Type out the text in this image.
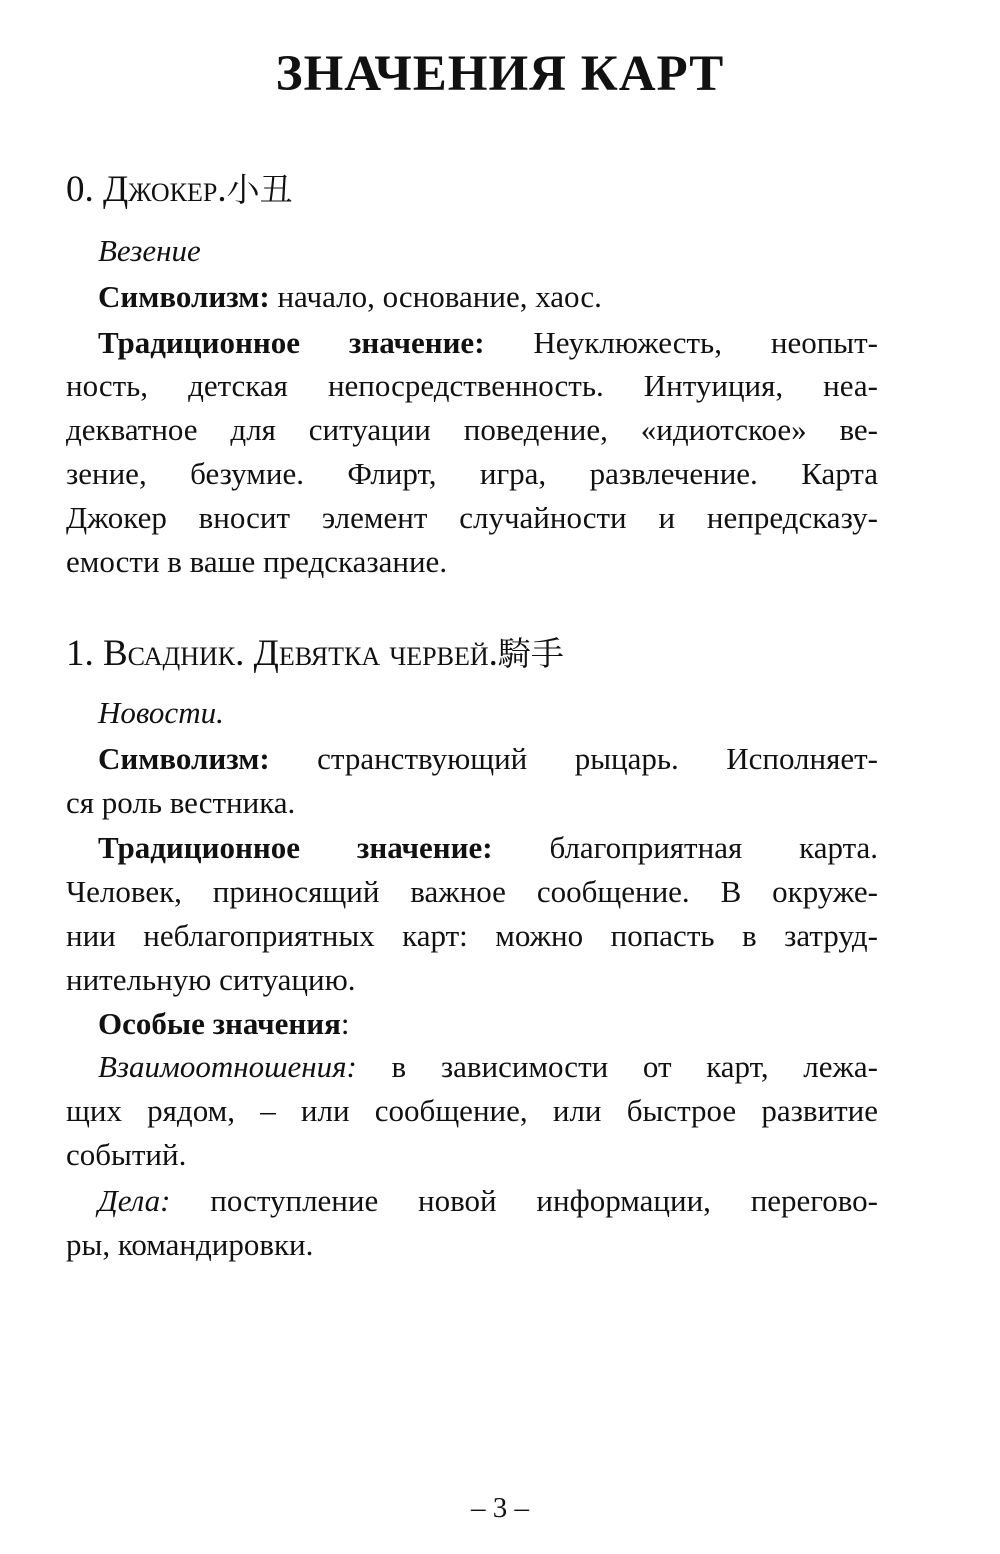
ЗНАЧЕНИЯ КАРТ
0. Джокер.小丑

Везение

Символизм: начало, основание, хаос.

Традиционное значение: Неуклюжесть, неопыт-
ность, детская непосредственность. Интуиция, неа-
декватное для ситуации поведение, «идиотское» ве-
зение, безумие. Флирт, игра, развлечение. Карта
Джокер вносит элемент случайности и непредсказу-
емости в ваше предсказание.

1. Всадник. Девятка червей.騎手

Новости.

Символизм: странствующий рыцарь. Исполняет-
ся роль вестника.

Традиционное значение: благоприятная карта.
Человек, приносящий важное сообщение. В окруже-
нии неблагоприятных карт: можно попасть в затруд-
нительную ситуацию.

Особые значения:

Взаимоотношения: в зависимости от карт, лежа-
щих рядом, – или сообщение, или быстрое развитие
событий.

Дела: поступление новой информации, перегово-
ры, командировки.

– 3 –
